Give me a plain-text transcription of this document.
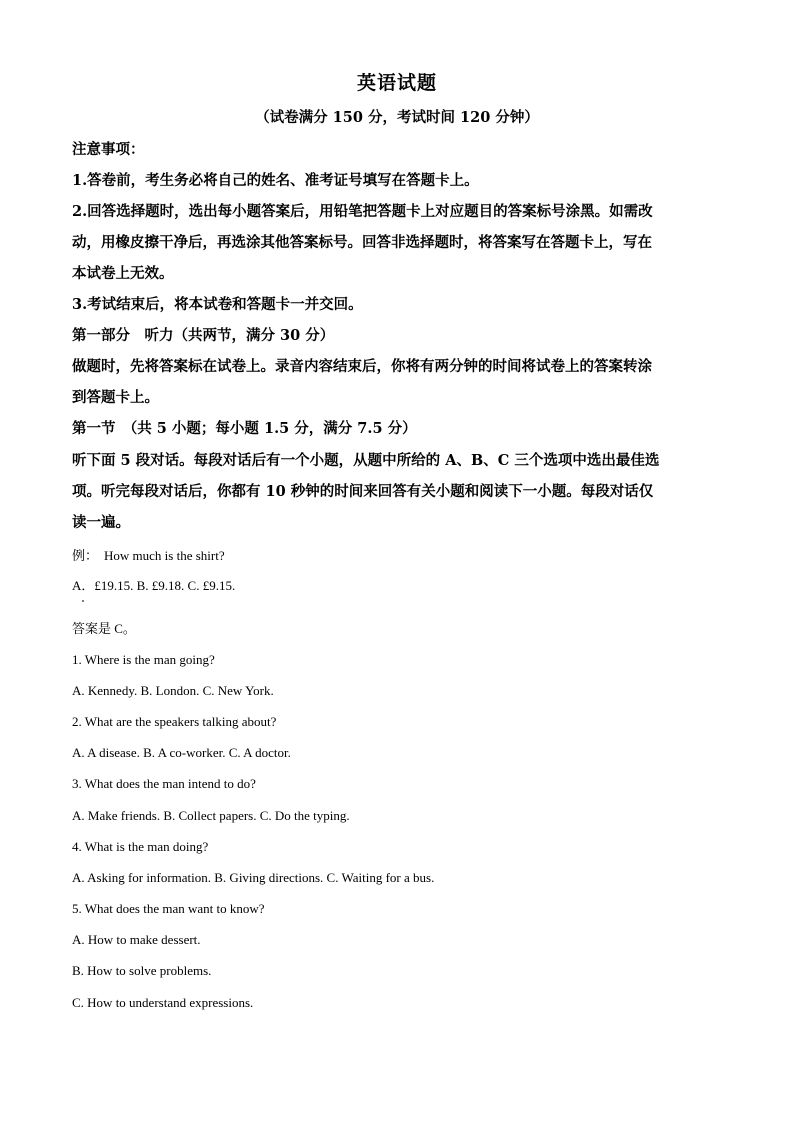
英语试题
（试卷满分 150 分，考试时间 120 分钟）

注意事项：

1.答卷前，考生务必将自己的姓名、准考证号填写在答题卡上。

2.回答选择题时，选出每小题答案后，用铅笔把答题卡上对应题目的答案标号涂黑。如需改

动，用橡皮擦干净后，再选涂其他答案标号。回答非选择题时，将答案写在答题卡上，写在

本试卷上无效。

3.考试结束后，将本试卷和答题卡一并交回。

第一部分　听力（共两节，满分 30 分）

做题时，先将答案标在试卷上。录音内容结束后，你将有两分钟的时间将试卷上的答案转涂

到答题卡上。

第一节　（共 5 小题；每小题 1.5 分，满分 7.5 分）

听下面 5 段对话。每段对话后有一个小题，从题中所给的 A、B、C 三个选项中选出最佳选

项。听完每段对话后，你都有 10 秒钟的时间来回答有关小题和阅读下一小题。每段对话仅

读一遍。

例： How much is the shirt?

A．£19.15. B. £9.18. C. £9.15.

答案是 C。

1. Where is the man going?

A. Kennedy. B. London. C. New York.

2. What are the speakers talking about?

A. A disease. B. A co-worker. C. A doctor.

3. What does the man intend to do?

A. Make friends. B. Collect papers. C. Do the typing.

4. What is the man doing?

A. Asking for information. B. Giving directions. C. Waiting for a bus.

5. What does the man want to know?

A. How to make dessert.

B. How to solve problems.

C. How to understand expressions.
